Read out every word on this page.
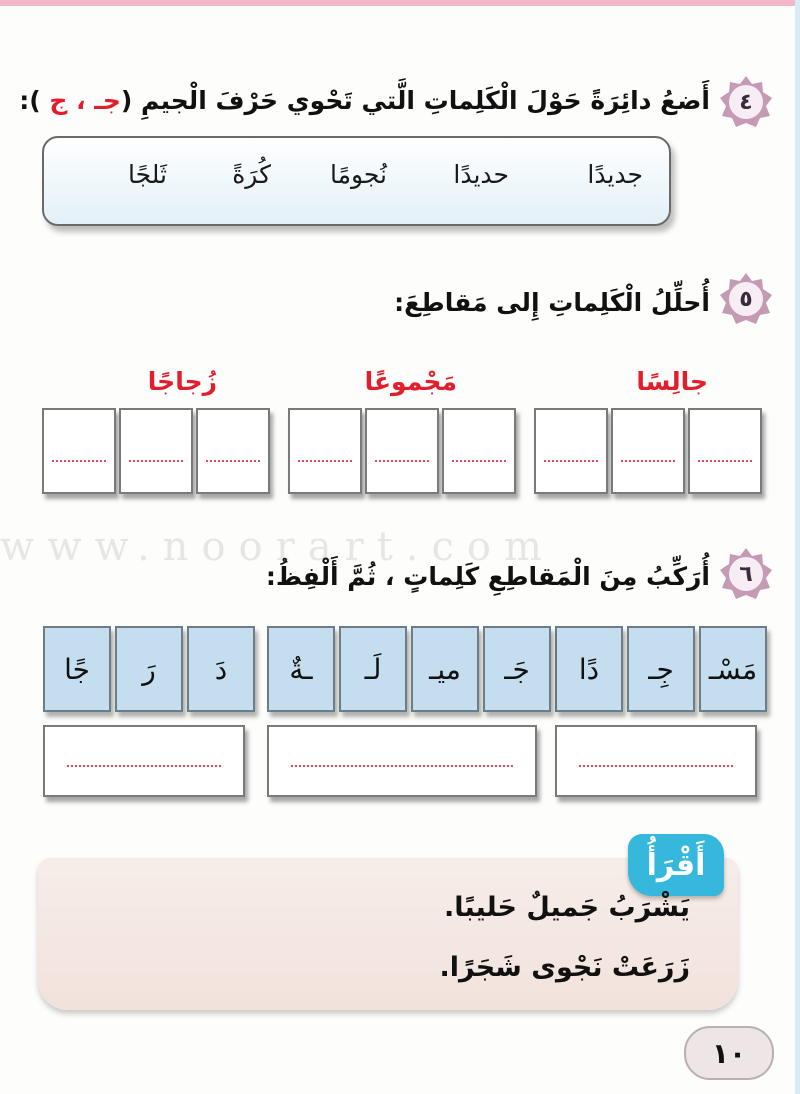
٤
أَضعُ دائِرَةً حَوْلَ الْكَلِماتِ الَّتي تَحْوي حَرْفَ الْجيمِ (جـ ، ج ):
جديدًا
حديدًا
نُجومًا
كُرَةً
ثَلجًا
٥
أُحلِّلُ الْكَلِماتِ إِلى مَقاطِعَ:
جالِسًا
مَجْموعًا
زُجاجًا
www.noorart.com
٦
أُرَكِّبُ مِنَ الْمَقاطِعِ كَلِماتٍ ، ثُمَّ أَلْفِظُ:
دًا	جِـ	مَسْـ
ـةٌ	لَـ	ميـ	جَـ
جًا	رَ	دَ
أَقْرَأُ
يَشْرَبُ جَميلٌ حَليبًا.
زَرَعَتْ نَجْوى شَجَرًا.
١٠
